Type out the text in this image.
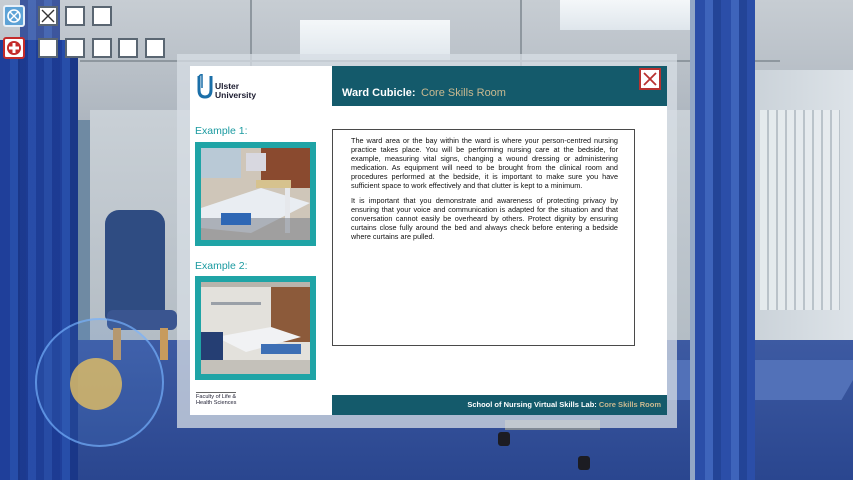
Ulster
University
Example 1:
Example 2:
Faculty of Life &
Health Sciences
Ward Cubicle: Core Skills Room

The ward area or the bay within the ward is where your person-centred nursing practice takes place. You will be performing nursing care at the bedside, for example, measuring vital signs, changing a wound dressing or administering medication. As equipment will need to be brought from the clinical room and procedures performed at the bedside, it is important to make sure you have sufficient space to work effectively and that clutter is kept to a minimum.

It is important that you demonstrate and awareness of protecting privacy by ensuring that your voice and communication is adapted for the situation and that conversation cannot easily be overheard by others. Protect dignity by ensuring curtains close fully around the bed and always check before entering a bedside where curtains are pulled.

School of Nursing Virtual Skills Lab: Core Skills Room
